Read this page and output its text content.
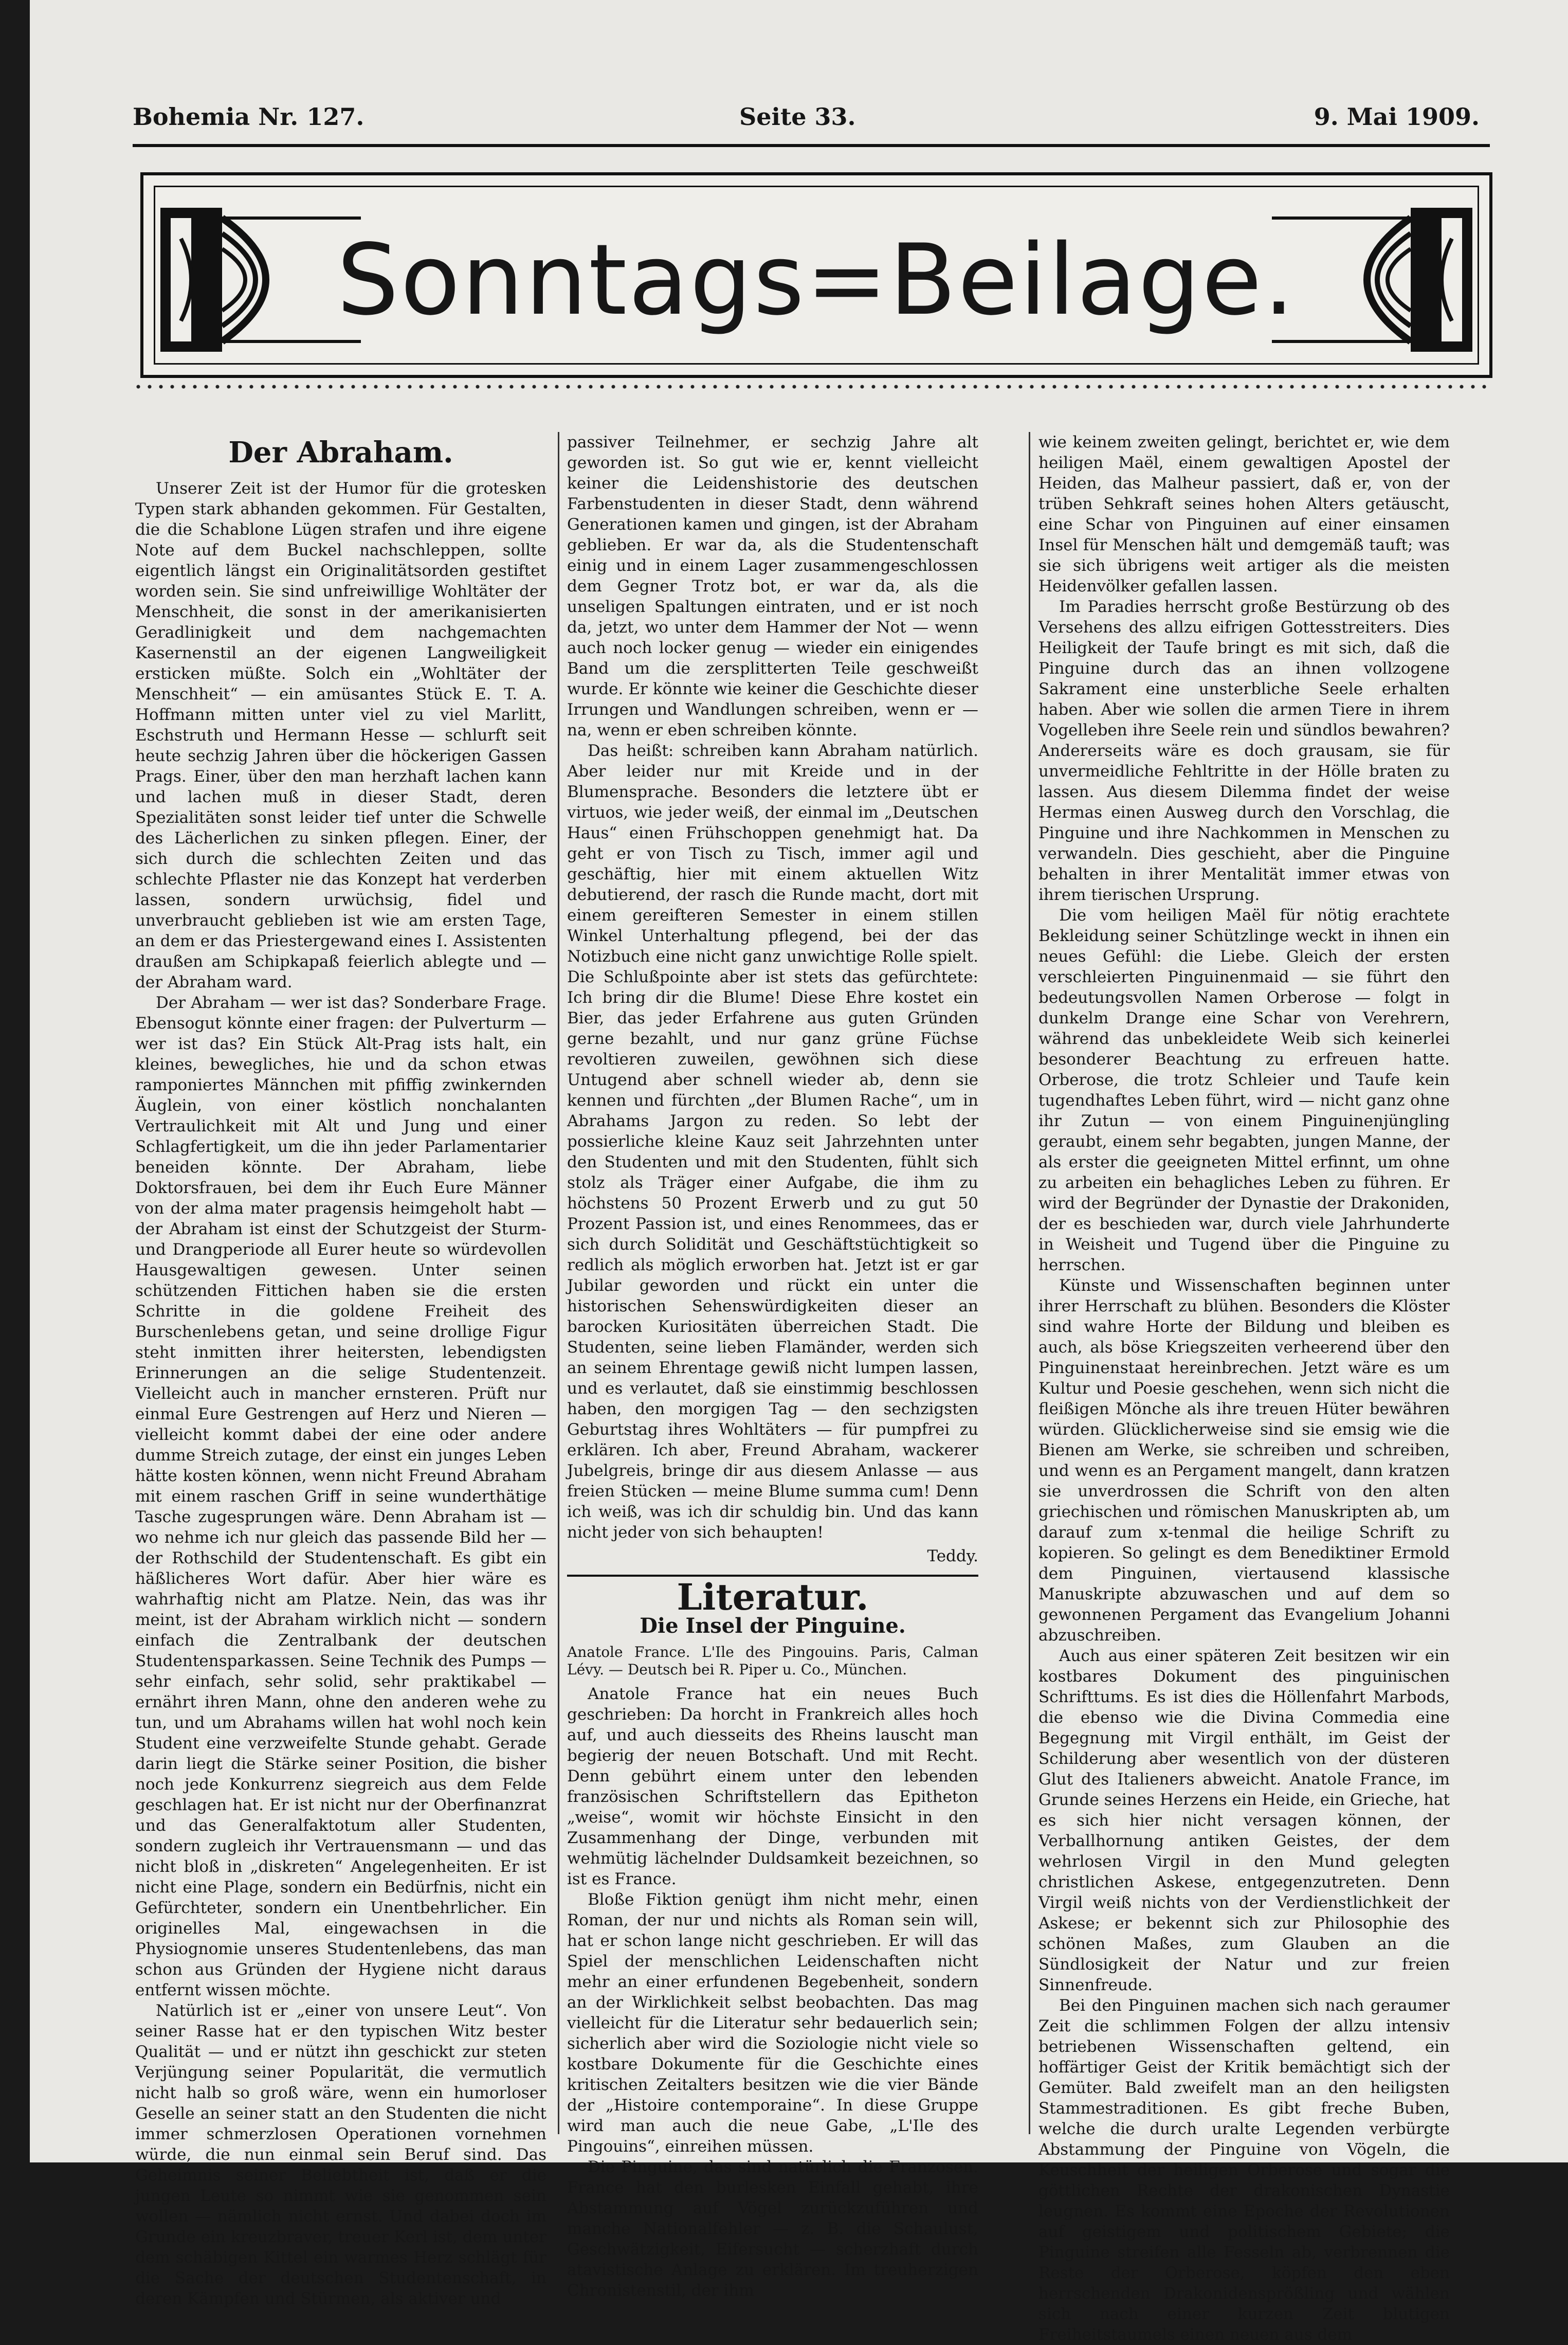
Bohemia Nr. 127.	Seite 33.	9. Mai 1909.
Sonntags=Beilage.
Der Abraham.

Unserer Zeit ist der Humor für die grotesken Typen stark abhanden gekommen. Für Gestalten, die die Schablone Lügen strafen und ihre eigene Note auf dem Buckel nachschleppen, sollte eigentlich längst ein Originalitätsorden gestiftet worden sein. Sie sind unfreiwillige Wohltäter der Menschheit, die sonst in der amerikanisierten Geradlinigkeit und dem nachgemachten Kasernenstil an der eigenen Langweiligkeit ersticken müßte. Solch ein „Wohltäter der Menschheit“ — ein amüsantes Stück E. T. A. Hoffmann mitten unter viel zu viel Marlitt, Eschstruth und Hermann Hesse — schlurft seit heute sechzig Jahren über die höckerigen Gassen Prags. Einer, über den man herzhaft lachen kann und lachen muß in dieser Stadt, deren Spezialitäten sonst leider tief unter die Schwelle des Lächerlichen zu sinken pflegen. Einer, der sich durch die schlechten Zeiten und das schlechte Pflaster nie das Konzept hat verderben lassen, sondern urwüchsig, fidel und unverbraucht geblieben ist wie am ersten Tage, an dem er das Priestergewand eines I. Assistenten draußen am Schipkapaß feierlich ablegte und — der Abraham ward.

Der Abraham — wer ist das? Sonderbare Frage. Ebensogut könnte einer fragen: der Pulverturm — wer ist das? Ein Stück Alt-Prag ists halt, ein kleines, bewegliches, hie und da schon etwas ramponiertes Männchen mit pfiffig zwinkernden Äuglein, von einer köstlich nonchalanten Vertraulichkeit mit Alt und Jung und einer Schlagfertigkeit, um die ihn jeder Parlamentarier beneiden könnte. Der Abraham, liebe Doktorsfrauen, bei dem ihr Euch Eure Männer von der alma mater pragensis heimgeholt habt — der Abraham ist einst der Schutzgeist der Sturm- und Drangperiode all Eurer heute so würdevollen Hausgewaltigen gewesen. Unter seinen schützenden Fittichen haben sie die ersten Schritte in die goldene Freiheit des Burschenlebens getan, und seine drollige Figur steht inmitten ihrer heitersten, lebendigsten Erinnerungen an die selige Studentenzeit. Vielleicht auch in mancher ernsteren. Prüft nur einmal Eure Gestrengen auf Herz und Nieren — vielleicht kommt dabei der eine oder andere dumme Streich zutage, der einst ein junges Leben hätte kosten können, wenn nicht Freund Abraham mit einem raschen Griff in seine wunderthätige Tasche zugesprungen wäre. Denn Abraham ist — wo nehme ich nur gleich das passende Bild her — der Rothschild der Studentenschaft. Es gibt ein häßlicheres Wort dafür. Aber hier wäre es wahrhaftig nicht am Platze. Nein, das was ihr meint, ist der Abraham wirklich nicht — sondern einfach die Zentralbank der deutschen Studentensparkassen. Seine Technik des Pumps — sehr einfach, sehr solid, sehr praktikabel — ernährt ihren Mann, ohne den anderen wehe zu tun, und um Abrahams willen hat wohl noch kein Student eine verzweifelte Stunde gehabt. Gerade darin liegt die Stärke seiner Position, die bisher noch jede Konkurrenz siegreich aus dem Felde geschlagen hat. Er ist nicht nur der Oberfinanzrat und das Generalfaktotum aller Studenten, sondern zugleich ihr Vertrauensmann — und das nicht bloß in „diskreten“ Angelegenheiten. Er ist nicht eine Plage, sondern ein Bedürfnis, nicht ein Gefürchteter, sondern ein Unentbehrlicher. Ein originelles Mal, eingewachsen in die Physiognomie unseres Studentenlebens, das man schon aus Gründen der Hygiene nicht daraus entfernt wissen möchte.

Natürlich ist er „einer von unsere Leut“. Von seiner Rasse hat er den typischen Witz bester Qualität — und er nützt ihn geschickt zur steten Verjüngung seiner Popularität, die vermutlich nicht halb so groß wäre, wenn ein humorloser Geselle an seiner statt an den Studenten die nicht immer schmerzlosen Operationen vornehmen würde, die nun einmal sein Beruf sind. Das Geheimnis seiner Beliebtheit ist, daß er die jungen Leute so nimmt wie sie genommen sein wollen — nämlich nicht ernst. Und dabei doch im Grunde ein kreuzbraver, treuer Kerl ist, dem unter dem schäbigen Kittel ein warmes Herz schlägt für die Sache der deutschen Studentenschaft, in deren Kämpfen und Stürmen, als aktiver und

passiver Teilnehmer, er sechzig Jahre alt geworden ist. So gut wie er, kennt vielleicht keiner die Leidenshistorie des deutschen Farbenstudenten in dieser Stadt, denn während Generationen kamen und gingen, ist der Abraham geblieben. Er war da, als die Studentenschaft einig und in einem Lager zusammengeschlossen dem Gegner Trotz bot, er war da, als die unseligen Spaltungen eintraten, und er ist noch da, jetzt, wo unter dem Hammer der Not — wenn auch noch locker genug — wieder ein einigendes Band um die zersplitterten Teile geschweißt wurde. Er könnte wie keiner die Geschichte dieser Irrungen und Wandlungen schreiben, wenn er — na, wenn er eben schreiben könnte.

Das heißt: schreiben kann Abraham natürlich. Aber leider nur mit Kreide und in der Blumensprache. Besonders die letztere übt er virtuos, wie jeder weiß, der einmal im „Deutschen Haus“ einen Frühschoppen genehmigt hat. Da geht er von Tisch zu Tisch, immer agil und geschäftig, hier mit einem aktuellen Witz debutierend, der rasch die Runde macht, dort mit einem gereifteren Semester in einem stillen Winkel Unterhaltung pflegend, bei der das Notizbuch eine nicht ganz unwichtige Rolle spielt. Die Schlußpointe aber ist stets das gefürchtete: Ich bring dir die Blume! Diese Ehre kostet ein Bier, das jeder Erfahrene aus guten Gründen gerne bezahlt, und nur ganz grüne Füchse revoltieren zuweilen, gewöhnen sich diese Untugend aber schnell wieder ab, denn sie kennen und fürchten „der Blumen Rache“, um in Abrahams Jargon zu reden. So lebt der possierliche kleine Kauz seit Jahrzehnten unter den Studenten und mit den Studenten, fühlt sich stolz als Träger einer Aufgabe, die ihm zu höchstens 50 Prozent Erwerb und zu gut 50 Prozent Passion ist, und eines Renommees, das er sich durch Solidität und Geschäftstüchtigkeit so redlich als möglich erworben hat. Jetzt ist er gar Jubilar geworden und rückt ein unter die historischen Sehenswürdigkeiten dieser an barocken Kuriositäten überreichen Stadt. Die Studenten, seine lieben Flamänder, werden sich an seinem Ehrentage gewiß nicht lumpen lassen, und es verlautet, daß sie einstimmig beschlossen haben, den morgigen Tag — den sechzigsten Geburtstag ihres Wohltäters — für pumpfrei zu erklären. Ich aber, Freund Abraham, wackerer Jubelgreis, bringe dir aus diesem Anlasse — aus freien Stücken — meine Blume summa cum! Denn ich weiß, was ich dir schuldig bin. Und das kann nicht jeder von sich behaupten!

Teddy.
Literatur.
Die Insel der Pinguine.
Anatole France. L'Ile des Pingouins. Paris, Calman Lévy. — Deutsch bei R. Piper u. Co., München.

Anatole France hat ein neues Buch geschrieben: Da horcht in Frankreich alles hoch auf, und auch diesseits des Rheins lauscht man begierig der neuen Botschaft. Und mit Recht. Denn gebührt einem unter den lebenden französischen Schriftstellern das Epitheton „weise“, womit wir höchste Einsicht in den Zusammenhang der Dinge, verbunden mit wehmütig lächelnder Duldsamkeit bezeichnen, so ist es France.

Bloße Fiktion genügt ihm nicht mehr, einen Roman, der nur und nichts als Roman sein will, hat er schon lange nicht geschrieben. Er will das Spiel der menschlichen Leidenschaften nicht mehr an einer erfundenen Begebenheit, sondern an der Wirklichkeit selbst beobachten. Das mag vielleicht für die Literatur sehr bedauerlich sein; sicherlich aber wird die Soziologie nicht viele so kostbare Dokumente für die Geschichte eines kritischen Zeitalters besitzen wie die vier Bände der „Histoire contemporaine“. In diese Gruppe wird man auch die neue Gabe, „L'Ile des Pingouins“, einreihen müssen.

Die Pinguine, das sind natürlich die Franzosen. France hat den burlesken Einfall gehabt, ihre Abstammung auf Vögel zurückzuführen und manche Nationalfehler — z. B. die Schaulust, Geschwätzigkeit, Eifersucht — scherzhaft durch atavistische Anlage zu erklären. Im treuherzigen Chronistenstil, der ihm

wie keinem zweiten gelingt, berichtet er, wie dem heiligen Maël, einem gewaltigen Apostel der Heiden, das Malheur passiert, daß er, von der trüben Sehkraft seines hohen Alters getäuscht, eine Schar von Pinguinen auf einer einsamen Insel für Menschen hält und demgemäß tauft; was sie sich übrigens weit artiger als die meisten Heidenvölker gefallen lassen.

Im Paradies herrscht große Bestürzung ob des Versehens des allzu eifrigen Gottesstreiters. Dies Heiligkeit der Taufe bringt es mit sich, daß die Pinguine durch das an ihnen vollzogene Sakrament eine unsterbliche Seele erhalten haben. Aber wie sollen die armen Tiere in ihrem Vogelleben ihre Seele rein und sündlos bewahren? Andererseits wäre es doch grausam, sie für unvermeidliche Fehltritte in der Hölle braten zu lassen. Aus diesem Dilemma findet der weise Hermas einen Ausweg durch den Vorschlag, die Pinguine und ihre Nachkommen in Menschen zu verwandeln. Dies geschieht, aber die Pinguine behalten in ihrer Mentalität immer etwas von ihrem tierischen Ursprung.

Die vom heiligen Maël für nötig erachtete Bekleidung seiner Schützlinge weckt in ihnen ein neues Gefühl: die Liebe. Gleich der ersten verschleierten Pinguinenmaid — sie führt den bedeutungsvollen Namen Orberose — folgt in dunkelm Drange eine Schar von Verehrern, während das unbekleidete Weib sich keinerlei besonderer Beachtung zu erfreuen hatte. Orberose, die trotz Schleier und Taufe kein tugendhaftes Leben führt, wird — nicht ganz ohne ihr Zutun — von einem Pinguinenjüngling geraubt, einem sehr begabten, jungen Manne, der als erster die geeigneten Mittel erfinnt, um ohne zu arbeiten ein behagliches Leben zu führen. Er wird der Begründer der Dynastie der Drakoniden, der es beschieden war, durch viele Jahrhunderte in Weisheit und Tugend über die Pinguine zu herrschen.

Künste und Wissenschaften beginnen unter ihrer Herrschaft zu blühen. Besonders die Klöster sind wahre Horte der Bildung und bleiben es auch, als böse Kriegszeiten verheerend über den Pinguinenstaat hereinbrechen. Jetzt wäre es um Kultur und Poesie geschehen, wenn sich nicht die fleißigen Mönche als ihre treuen Hüter bewähren würden. Glücklicherweise sind sie emsig wie die Bienen am Werke, sie schreiben und schreiben, und wenn es an Pergament mangelt, dann kratzen sie unverdrossen die Schrift von den alten griechischen und römischen Manuskripten ab, um darauf zum x-tenmal die heilige Schrift zu kopieren. So gelingt es dem Benediktiner Ermold dem Pinguinen, viertausend klassische Manuskripte abzuwaschen und auf dem so gewonnenen Pergament das Evangelium Johanni abzuschreiben.

Auch aus einer späteren Zeit besitzen wir ein kostbares Dokument des pinguinischen Schrifttums. Es ist dies die Höllenfahrt Marbods, die ebenso wie die Divina Commedia eine Begegnung mit Virgil enthält, im Geist der Schilderung aber wesentlich von der düsteren Glut des Italieners abweicht. Anatole France, im Grunde seines Herzens ein Heide, ein Grieche, hat es sich hier nicht versagen können, der Verballhornung antiken Geistes, der dem wehrlosen Virgil in den Mund gelegten christlichen Askese, entgegenzutreten. Denn Virgil weiß nichts von der Verdienstlichkeit der Askese; er bekennt sich zur Philosophie des schönen Maßes, zum Glauben an die Sündlosigkeit der Natur und zur freien Sinnenfreude.

Bei den Pinguinen machen sich nach geraumer Zeit die schlimmen Folgen der allzu intensiv betriebenen Wissenschaften geltend, ein hoffärtiger Geist der Kritik bemächtigt sich der Gemüter. Bald zweifelt man an den heiligsten Stammestraditionen. Es gibt freche Buben, welche die durch uralte Legenden verbürgte Abstammung der Pinguine von Vögeln, die Keuschheit der heiligen Orberose und sogar die göttlichen Rechte der drakonischen Dynastie leugnen. Es kommt eine Epoche der Revolutionen auf geistigem und politischem Gebiete; die Pinguine streifen alle Fesseln ab, verbrennen die Reste der Orberose, köpfen den eben herrschenden Drakonidensprößling und wählen sich nach einer kurzen Zeit blutigen Freiheitstaumels einen neuen aus dem
